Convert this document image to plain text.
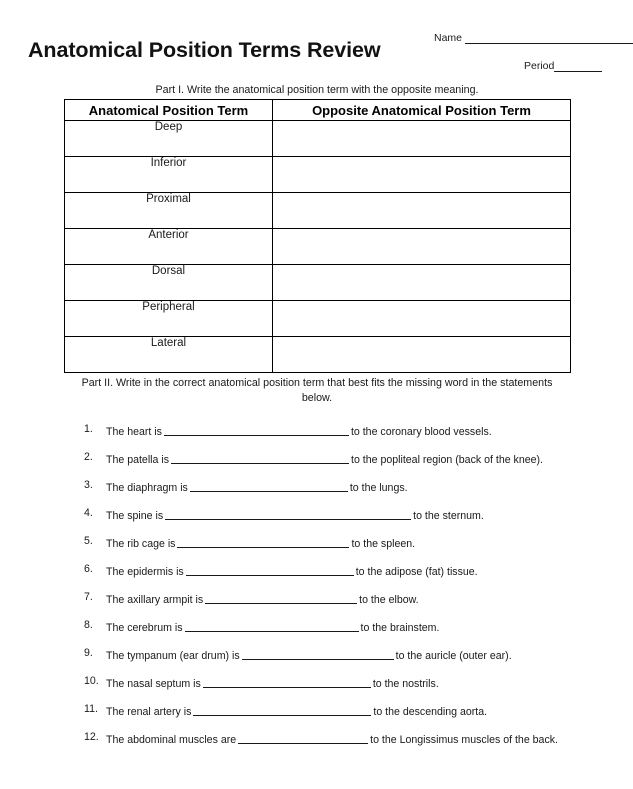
Anatomical Position Terms Review	Name
Period
Part I. Write the anatomical position term with the opposite meaning.
Anatomical Position Term	Opposite Anatomical Position Term
Deep	
Inferior	
Proximal	
Anterior	
Dorsal	
Peripheral	
Lateral	
Part II. Write in the correct anatomical position term that best fits the missing word in the statements below.
1.	The heart is	to the coronary blood vessels.
2.	The patella is	to the popliteal region (back of the knee).
3.	The diaphragm is	to the lungs.
4.	The spine is	to the sternum.
5.	The rib cage is	to the spleen.
6.	The epidermis is	to the adipose (fat) tissue.
7.	The axillary armpit is	to the elbow.
8.	The cerebrum is	to the brainstem.
9.	The tympanum (ear drum) is	to the auricle (outer ear).
10. The nasal septum is	to the nostrils.
11. The renal artery is	to the descending aorta.
12. The abdominal muscles are	to the Longissimus muscles of the back.
